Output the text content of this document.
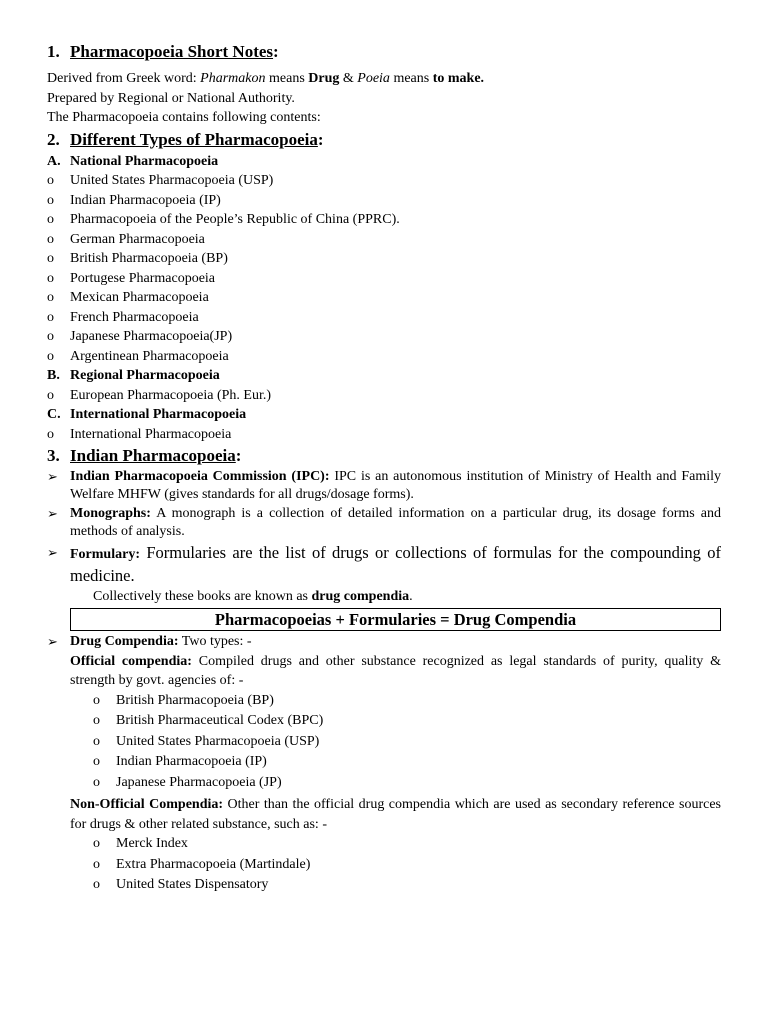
1. Pharmacopoeia Short Notes:
Derived from Greek word: Pharmakon means Drug & Poeia means to make.
Prepared by Regional or National Authority.
The Pharmacopoeia contains following contents:
2. Different Types of Pharmacopoeia:
A. National Pharmacopoeia
o	United States Pharmacopoeia (USP)
o	Indian Pharmacopoeia (IP)
o	Pharmacopoeia of the People’s Republic of China (PPRC).
o	German Pharmacopoeia
o	British Pharmacopoeia (BP)
o	Portugese Pharmacopoeia
o	Mexican Pharmacopoeia
o	French Pharmacopoeia
o	Japanese Pharmacopoeia(JP)
o	Argentinean Pharmacopoeia
B. Regional Pharmacopoeia
o	European Pharmacopoeia (Ph. Eur.)
C. International Pharmacopoeia
o	International Pharmacopoeia
3. Indian Pharmacopoeia:
➢ Indian Pharmacopoeia Commission (IPC): IPC is an autonomous institution of Ministry of Health and Family Welfare MHFW (gives standards for all drugs/dosage forms).
➢ Monographs: A monograph is a collection of detailed information on a particular drug, its dosage forms and methods of analysis.
➢ Formulary: Formularies are the list of drugs or collections of formulas for the compounding of medicine.
Collectively these books are known as drug compendia.
Pharmacopoeias + Formularies = Drug Compendia
➢ Drug Compendia: Two types: -
Official compendia: Compiled drugs and other substance recognized as legal standards of purity, quality & strength by govt. agencies of: -
o	British Pharmacopoeia (BP)
o	British Pharmaceutical Codex (BPC)
o	United States Pharmacopoeia (USP)
o	Indian Pharmacopoeia (IP)
o	Japanese Pharmacopoeia (JP)
Non-Official Compendia: Other than the official drug compendia which are used as secondary reference sources for drugs & other related substance, such as: -
o	Merck Index
o	Extra Pharmacopoeia (Martindale)
o	United States Dispensatory
